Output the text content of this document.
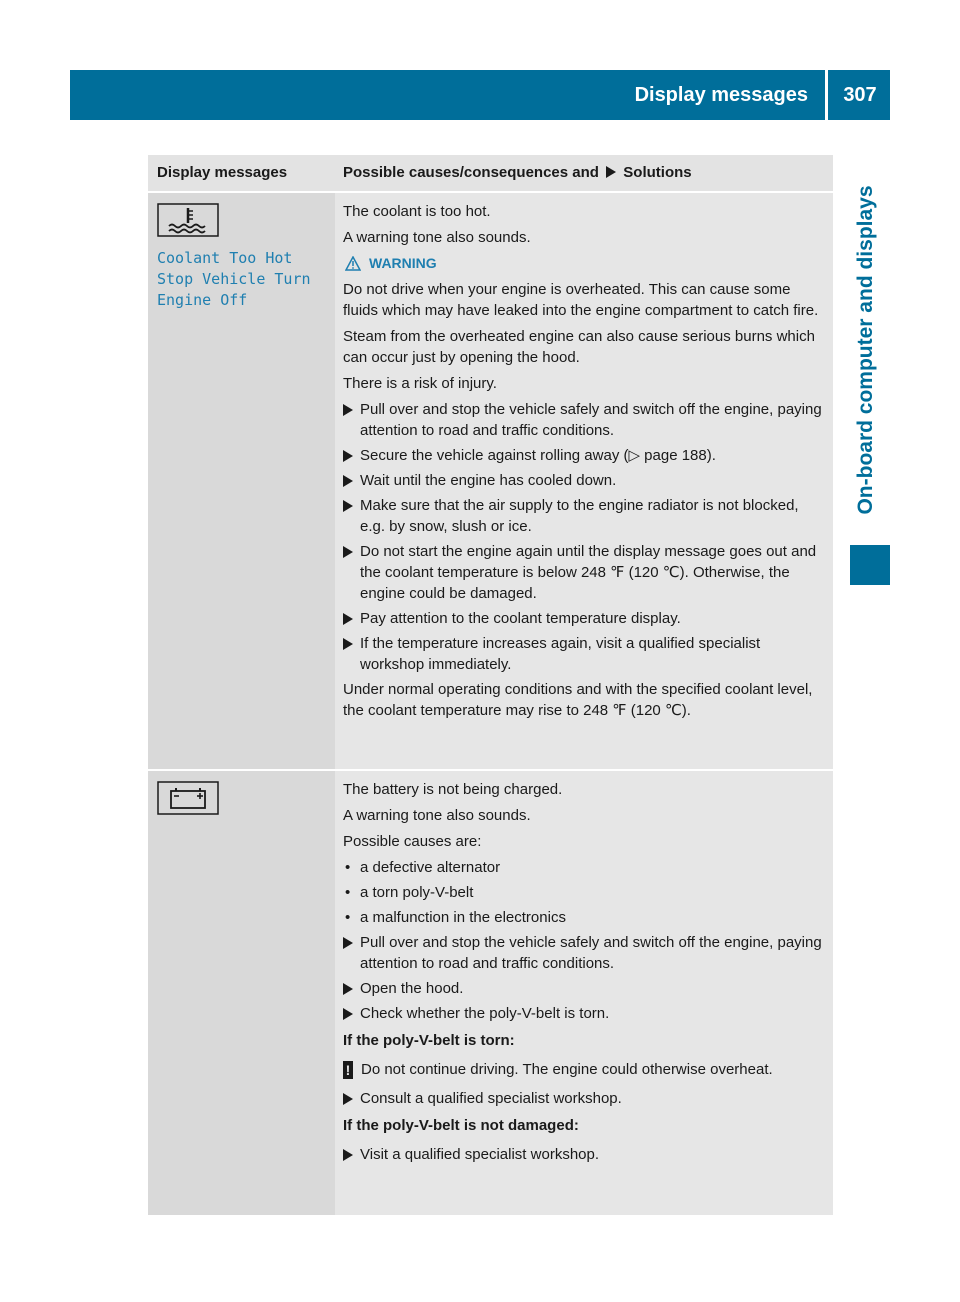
Display messages	307
On-board computer and displays
Display messages	Possible causes/consequences and Solutions
Coolant Too Hot
Stop Vehicle Turn
Engine Off

The coolant is too hot.

A warning tone also sounds.

WARNING

Do not drive when your engine is overheated. This can cause some fluids which may have leaked into the engine compartment to catch fire.

Steam from the overheated engine can also cause serious burns which can occur just by opening the hood.

There is a risk of injury.

Pull over and stop the vehicle safely and switch off the engine, paying attention to road and traffic conditions.
Secure the vehicle against rolling away (▷ page 188).
Wait until the engine has cooled down.
Make sure that the air supply to the engine radiator is not blocked, e.g. by snow, slush or ice.
Do not start the engine again until the display message goes out and the coolant temperature is below 248 ℉ (120 ℃). Otherwise, the engine could be damaged.
Pay attention to the coolant temperature display.
If the temperature increases again, visit a qualified specialist workshop immediately.

Under normal operating conditions and with the specified coolant level, the coolant temperature may rise to 248 ℉ (120 ℃).

The battery is not being charged.

A warning tone also sounds.

Possible causes are:

• a defective alternator
• a torn poly-V-belt
• a malfunction in the electronics
Pull over and stop the vehicle safely and switch off the engine, paying attention to road and traffic conditions.
Open the hood.
Check whether the poly-V-belt is torn.
If the poly-V-belt is torn:
! Do not continue driving. The engine could otherwise overheat.
Consult a qualified specialist workshop.
If the poly-V-belt is not damaged:
Visit a qualified specialist workshop.
